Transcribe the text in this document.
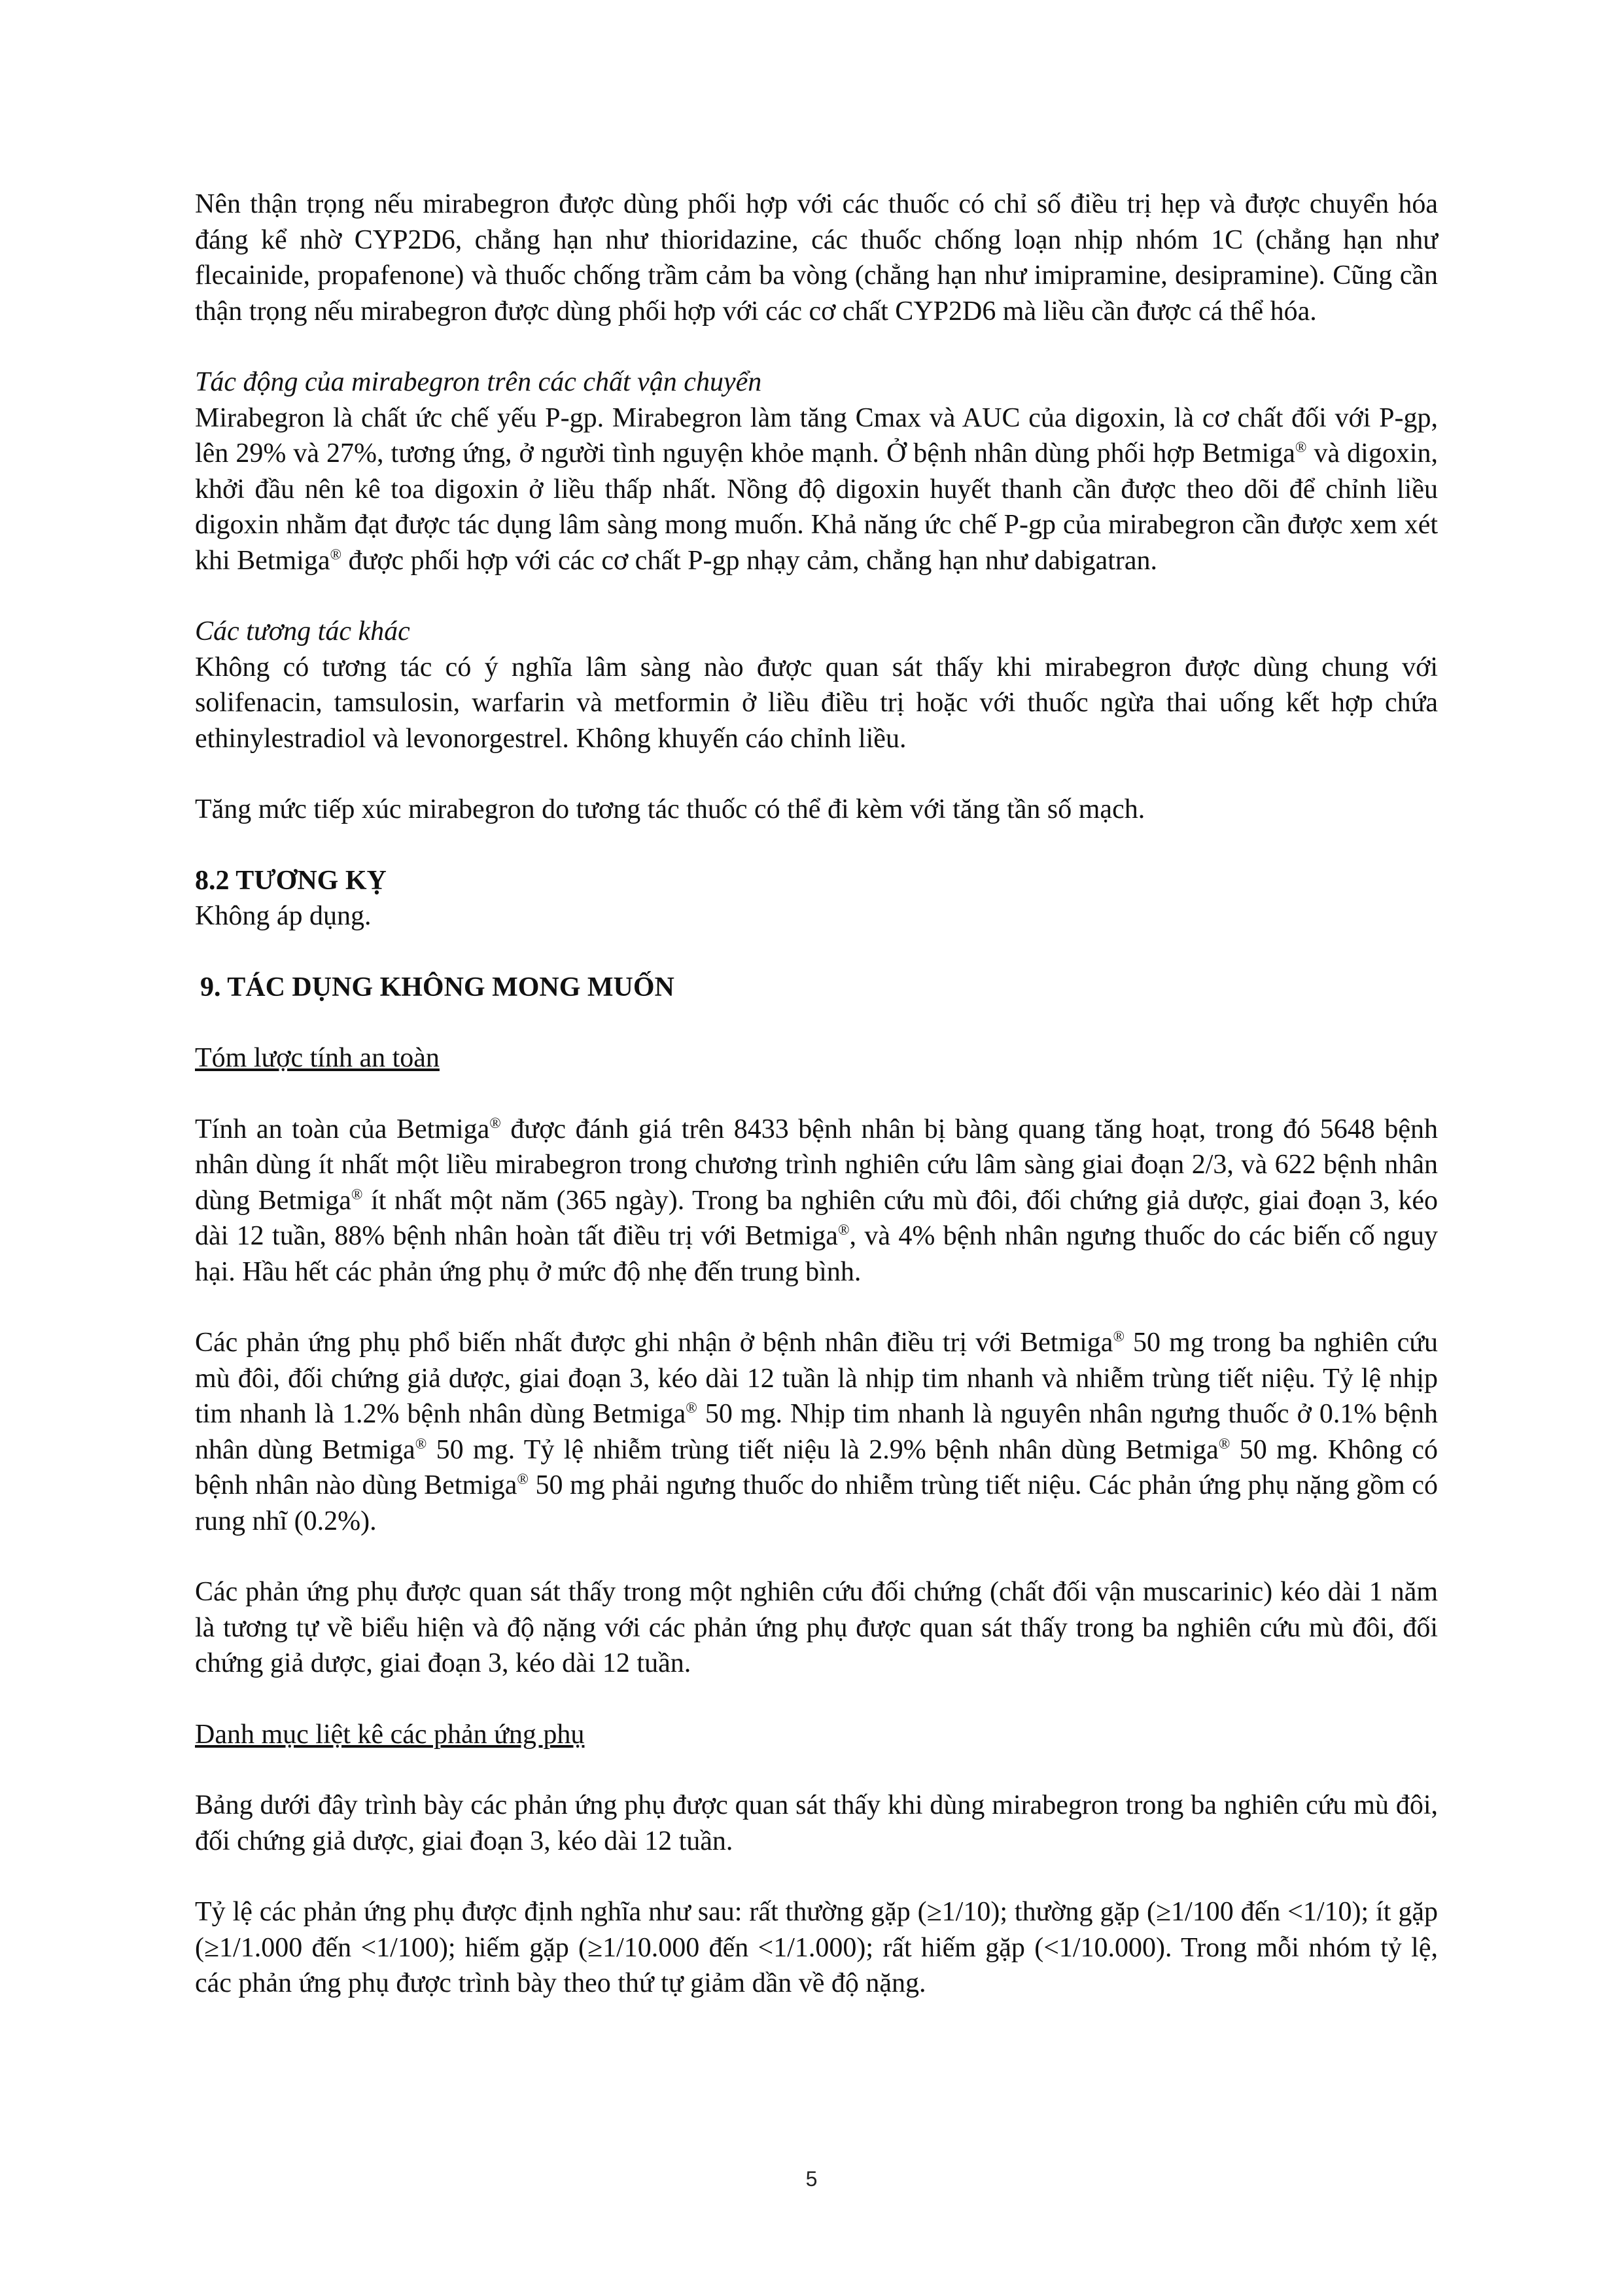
Nên thận trọng nếu mirabegron được dùng phối hợp với các thuốc có chỉ số điều trị hẹp và được chuyển hóa đáng kể nhờ CYP2D6, chẳng hạn như thioridazine, các thuốc chống loạn nhịp nhóm 1C (chẳng hạn như flecainide, propafenone) và thuốc chống trầm cảm ba vòng (chẳng hạn như imipramine, desipramine). Cũng cần thận trọng nếu mirabegron được dùng phối hợp với các cơ chất CYP2D6 mà liều cần được cá thể hóa.

Tác động của mirabegron trên các chất vận chuyển

Mirabegron là chất ức chế yếu P-gp. Mirabegron làm tăng Cmax và AUC của digoxin, là cơ chất đối với P-gp, lên 29% và 27%, tương ứng, ở người tình nguyện khỏe mạnh. Ở bệnh nhân dùng phối hợp Betmiga® và digoxin, khởi đầu nên kê toa digoxin ở liều thấp nhất. Nồng độ digoxin huyết thanh cần được theo dõi để chỉnh liều digoxin nhằm đạt được tác dụng lâm sàng mong muốn. Khả năng ức chế P-gp của mirabegron cần được xem xét khi Betmiga® được phối hợp với các cơ chất P-gp nhạy cảm, chẳng hạn như dabigatran.

Các tương tác khác

Không có tương tác có ý nghĩa lâm sàng nào được quan sát thấy khi mirabegron được dùng chung với solifenacin, tamsulosin, warfarin và metformin ở liều điều trị hoặc với thuốc ngừa thai uống kết hợp chứa ethinylestradiol và levonorgestrel. Không khuyến cáo chỉnh liều.

Tăng mức tiếp xúc mirabegron do tương tác thuốc có thể đi kèm với tăng tần số mạch.

8.2 TƯƠNG KỴ

Không áp dụng.

9. TÁC DỤNG KHÔNG MONG MUỐN

Tóm lược tính an toàn

Tính an toàn của Betmiga® được đánh giá trên 8433 bệnh nhân bị bàng quang tăng hoạt, trong đó 5648 bệnh nhân dùng ít nhất một liều mirabegron trong chương trình nghiên cứu lâm sàng giai đoạn 2/3, và 622 bệnh nhân dùng Betmiga® ít nhất một năm (365 ngày). Trong ba nghiên cứu mù đôi, đối chứng giả dược, giai đoạn 3, kéo dài 12 tuần, 88% bệnh nhân hoàn tất điều trị với Betmiga®, và 4% bệnh nhân ngưng thuốc do các biến cố nguy hại. Hầu hết các phản ứng phụ ở mức độ nhẹ đến trung bình.

Các phản ứng phụ phổ biến nhất được ghi nhận ở bệnh nhân điều trị với Betmiga® 50 mg trong ba nghiên cứu mù đôi, đối chứng giả dược, giai đoạn 3, kéo dài 12 tuần là nhịp tim nhanh và nhiễm trùng tiết niệu. Tỷ lệ nhịp tim nhanh là 1.2% bệnh nhân dùng Betmiga® 50 mg. Nhịp tim nhanh là nguyên nhân ngưng thuốc ở 0.1% bệnh nhân dùng Betmiga® 50 mg. Tỷ lệ nhiễm trùng tiết niệu là 2.9% bệnh nhân dùng Betmiga® 50 mg. Không có bệnh nhân nào dùng Betmiga® 50 mg phải ngưng thuốc do nhiễm trùng tiết niệu. Các phản ứng phụ nặng gồm có rung nhĩ (0.2%).

Các phản ứng phụ được quan sát thấy trong một nghiên cứu đối chứng (chất đối vận muscarinic) kéo dài 1 năm là tương tự về biểu hiện và độ nặng với các phản ứng phụ được quan sát thấy trong ba nghiên cứu mù đôi, đối chứng giả dược, giai đoạn 3, kéo dài 12 tuần.

Danh mục liệt kê các phản ứng phụ

Bảng dưới đây trình bày các phản ứng phụ được quan sát thấy khi dùng mirabegron trong ba nghiên cứu mù đôi, đối chứng giả dược, giai đoạn 3, kéo dài 12 tuần.

Tỷ lệ các phản ứng phụ được định nghĩa như sau: rất thường gặp (≥1/10); thường gặp (≥1/100 đến <1/10); ít gặp (≥1/1.000 đến <1/100); hiếm gặp (≥1/10.000 đến <1/1.000); rất hiếm gặp (<1/10.000). Trong mỗi nhóm tỷ lệ, các phản ứng phụ được trình bày theo thứ tự giảm dần về độ nặng.

5
